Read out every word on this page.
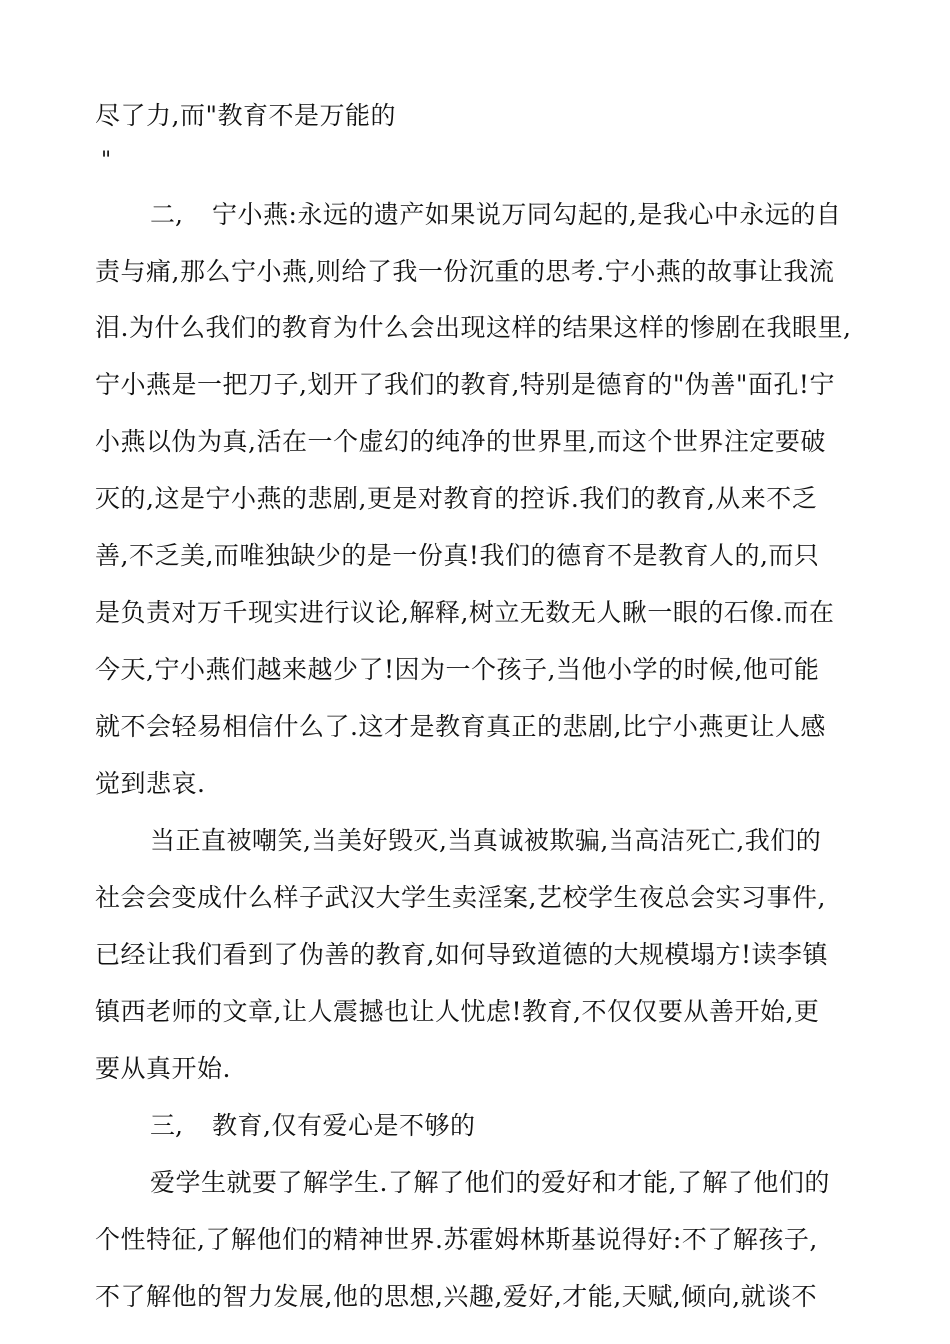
尽了力,而"教育不是万能的
"
二, 宁小燕:永远的遗产如果说万同勾起的,是我心中永远的自
责与痛,那么宁小燕,则给了我一份沉重的思考.宁小燕的故事让我流
泪.为什么我们的教育为什么会出现这样的结果这样的惨剧在我眼里,
宁小燕是一把刀子,划开了我们的教育,特别是德育的"伪善"面孔!宁
小燕以伪为真,活在一个虚幻的纯净的世界里,而这个世界注定要破
灭的,这是宁小燕的悲剧,更是对教育的控诉.我们的教育,从来不乏
善,不乏美,而唯独缺少的是一份真!我们的德育不是教育人的,而只
是负责对万千现实进行议论,解释,树立无数无人瞅一眼的石像.而在
今天,宁小燕们越来越少了!因为一个孩子,当他小学的时候,他可能
就不会轻易相信什么了.这才是教育真正的悲剧,比宁小燕更让人感
觉到悲哀.
当正直被嘲笑,当美好毁灭,当真诚被欺骗,当高洁死亡,我们的
社会会变成什么样子武汉大学生卖淫案,艺校学生夜总会实习事件,
已经让我们看到了伪善的教育,如何导致道德的大规模塌方!读李镇
镇西老师的文章,让人震撼也让人忧虑!教育,不仅仅要从善开始,更
要从真开始.
三, 教育,仅有爱心是不够的
爱学生就要了解学生.了解了他们的爱好和才能,了解了他们的
个性特征,了解他们的精神世界.苏霍姆林斯基说得好:不了解孩子,
不了解他的智力发展,他的思想,兴趣,爱好,才能,天赋,倾向,就谈不
